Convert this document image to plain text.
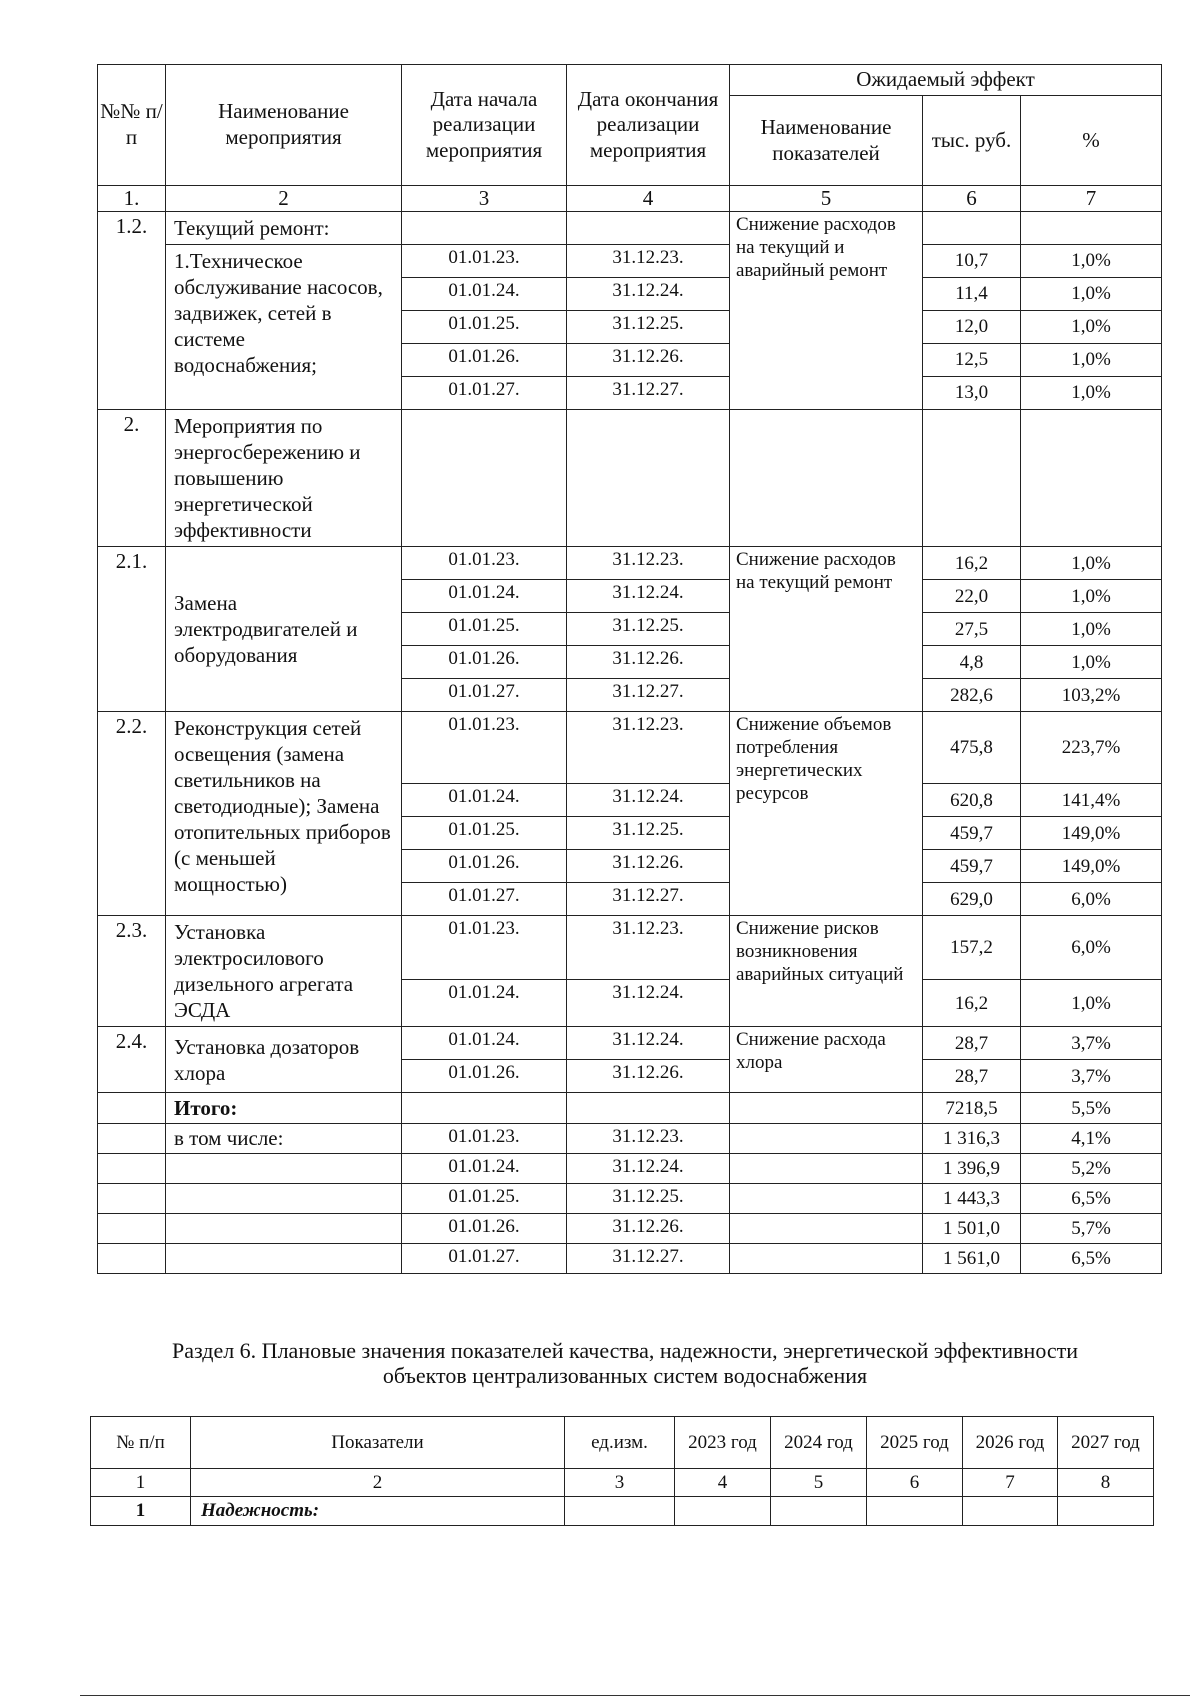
№№ п/п	Наименование мероприятия	Дата начала реализации мероприятия	Дата окончания реализации мероприятия	Ожидаемый эффект		
				Наименование показателей	тыс. руб.	%
1.	2	3	4	5	6	7
1.2.	Текущий ремонт:			Снижение расходов на текущий и аварийный ремонт		
	1.Техническое обслуживание насосов, задвижек, сетей в системе водоснабжения;	01.01.23.	31.12.23.		10,7	1,0%
		01.01.24.	31.12.24.		11,4	1,0%
		01.01.25.	31.12.25.		12,0	1,0%
		01.01.26.	31.12.26.		12,5	1,0%
		01.01.27.	31.12.27.		13,0	1,0%
2.	Мероприятия по энергосбережению и повышению энергетической эффективности					
2.1.	Замена электродвигателей и оборудования	01.01.23.	31.12.23.	Снижение расходов на текущий ремонт	16,2	1,0%
		01.01.24.	31.12.24.		22,0	1,0%
		01.01.25.	31.12.25.		27,5	1,0%
		01.01.26.	31.12.26.		4,8	1,0%
		01.01.27.	31.12.27.		282,6	103,2%
2.2.	Реконструкция сетей освещения (замена светильников на светодиодные); Замена отопительных приборов (с меньшей мощностью)	01.01.23.	31.12.23.	Снижение объемов потребления энергетических ресурсов	475,8	223,7%
		01.01.24.	31.12.24.		620,8	141,4%
		01.01.25.	31.12.25.		459,7	149,0%
		01.01.26.	31.12.26.		459,7	149,0%
		01.01.27.	31.12.27.		629,0	6,0%
2.3.	Установка электросилового дизельного агрегата ЭСДА	01.01.23.	31.12.23.	Снижение рисков возникновения аварийных ситуаций	157,2	6,0%
		01.01.24.	31.12.24.		16,2	1,0%
2.4.	Установка дозаторов хлора	01.01.24.	31.12.24.	Снижение расхода хлора	28,7	3,7%
		01.01.26.	31.12.26.		28,7	3,7%
	Итого:				7218,5	5,5%
	в том числе:	01.01.23.	31.12.23.		1 316,3	4,1%
		01.01.24.	31.12.24.		1 396,9	5,2%
		01.01.25.	31.12.25.		1 443,3	6,5%
		01.01.26.	31.12.26.		1 501,0	5,7%
		01.01.27.	31.12.27.		1 561,0	6,5%
Раздел 6. Плановые значения показателей качества, надежности, энергетической эффективности
объектов централизованных систем водоснабжения
№ п/п	Показатели	ед.изм.	2023 год	2024 год	2025 год	2026 год	2027 год
1	2	3	4	5	6	7	8
1	Надежность:						
